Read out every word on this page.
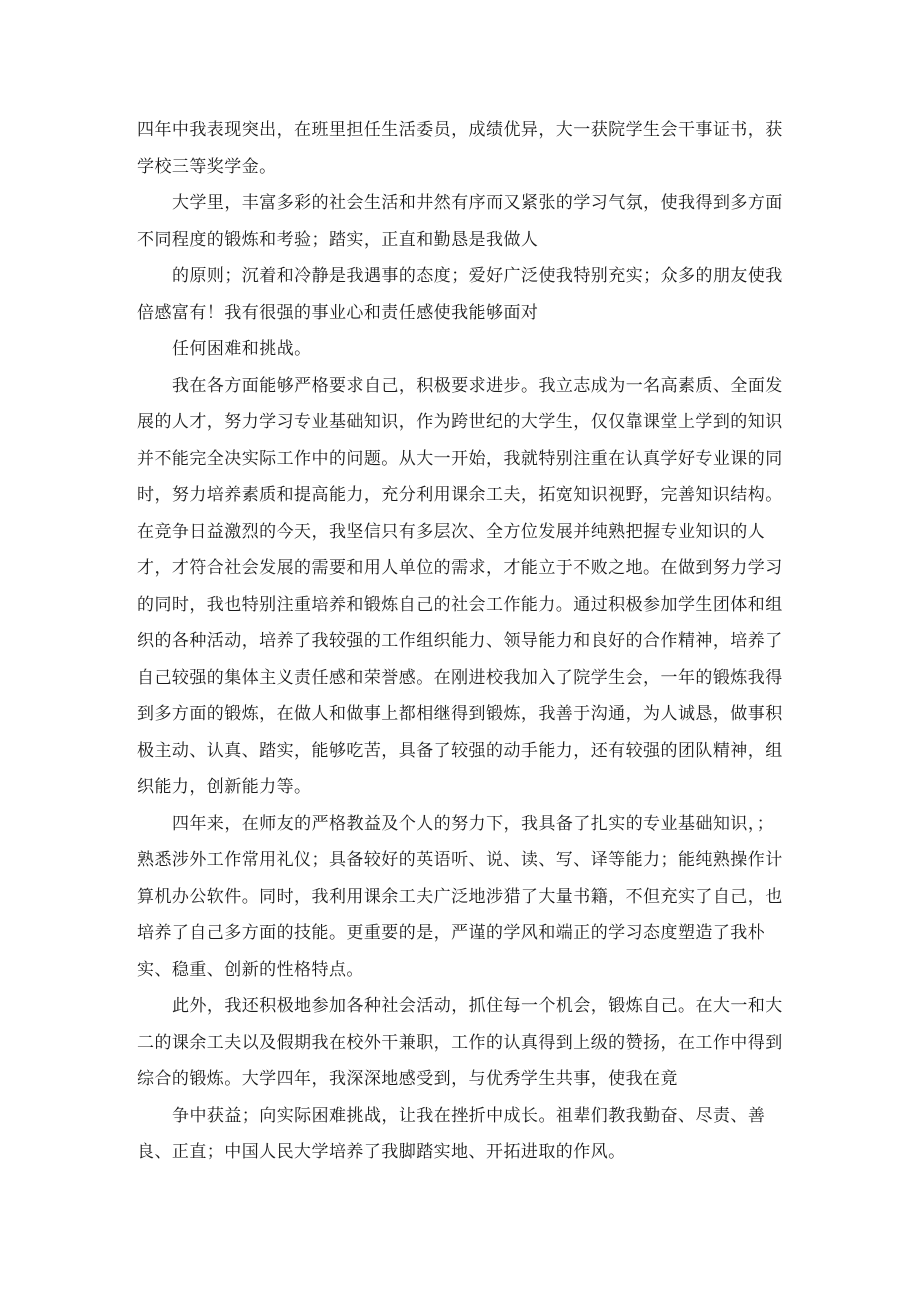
四年中我表现突出，在班里担任生活委员，成绩优异，大一获院学生会干事证书，获
学校三等奖学金。
大学里，丰富多彩的社会生活和井然有序而又紧张的学习气氛，使我得到多方面
不同程度的锻炼和考验；踏实，正直和勤恳是我做人
的原则；沉着和冷静是我遇事的态度；爱好广泛使我特别充实；众多的朋友使我
倍感富有！我有很强的事业心和责任感使我能够面对
任何困难和挑战。
我在各方面能够严格要求自己，积极要求进步。我立志成为一名高素质、全面发
展的人才，努力学习专业基础知识，作为跨世纪的大学生，仅仅靠课堂上学到的知识
并不能完全决实际工作中的问题。从大一开始，我就特别注重在认真学好专业课的同
时，努力培养素质和提高能力，充分利用课余工夫，拓宽知识视野，完善知识结构。
在竞争日益激烈的今天，我坚信只有多层次、全方位发展并纯熟把握专业知识的人
才，才符合社会发展的需要和用人单位的需求，才能立于不败之地。在做到努力学习
的同时，我也特别注重培养和锻炼自己的社会工作能力。通过积极参加学生团体和组
织的各种活动，培养了我较强的工作组织能力、领导能力和良好的合作精神，培养了
自己较强的集体主义责任感和荣誉感。在刚进校我加入了院学生会，一年的锻炼我得
到多方面的锻炼，在做人和做事上都相继得到锻炼，我善于沟通，为人诚恳，做事积
极主动、认真、踏实，能够吃苦，具备了较强的动手能力，还有较强的团队精神，组
织能力，创新能力等。
四年来，在师友的严格教益及个人的努力下，我具备了扎实的专业基础知识，；
熟悉涉外工作常用礼仪；具备较好的英语听、说、读、写、译等能力；能纯熟操作计
算机办公软件。同时，我利用课余工夫广泛地涉猎了大量书籍，不但充实了自己，也
培养了自己多方面的技能。更重要的是，严谨的学风和端正的学习态度塑造了我朴
实、稳重、创新的性格特点。
此外，我还积极地参加各种社会活动，抓住每一个机会，锻炼自己。在大一和大
二的课余工夫以及假期我在校外干兼职，工作的认真得到上级的赞扬，在工作中得到
综合的锻炼。大学四年，我深深地感受到，与优秀学生共事，使我在竟
争中获益；向实际困难挑战，让我在挫折中成长。祖辈们教我勤奋、尽责、善
良、正直；中国人民大学培养了我脚踏实地、开拓进取的作风。
